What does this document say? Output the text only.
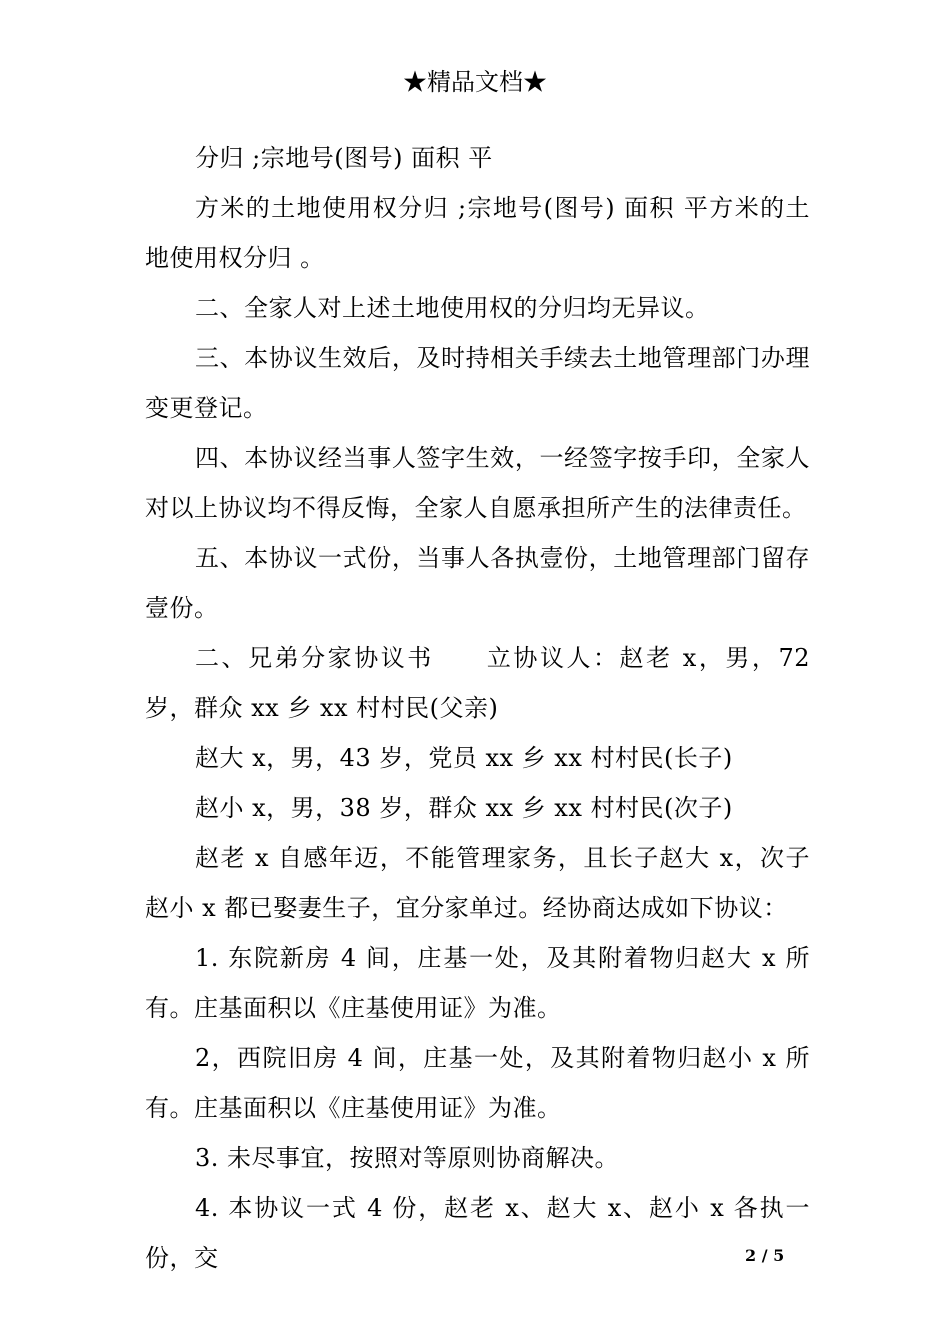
★精品文档★

分归 ;宗地号(图号) 面积 平

方米的土地使用权分归 ;宗地号(图号) 面积 平方米的土地使用权分归 。

二、全家人对上述土地使用权的分归均无异议。

三、本协议生效后，及时持相关手续去土地管理部门办理变更登记。

四、本协议经当事人签字生效，一经签字按手印，全家人对以上协议均不得反悔，全家人自愿承担所产生的法律责任。

五、本协议一式份，当事人各执壹份，土地管理部门留存壹份。

二、兄弟分家协议书　　立协议人：赵老 x，男，72 岁，群众 xx 乡 xx 村村民(父亲)

赵大 x，男，43 岁，党员 xx 乡 xx 村村民(长子)

赵小 x，男，38 岁，群众 xx 乡 xx 村村民(次子)

赵老 x 自感年迈，不能管理家务，且长子赵大 x，次子赵小 x 都已娶妻生子，宜分家单过。经协商达成如下协议：

1. 东院新房 4 间，庄基一处，及其附着物归赵大 x 所有。庄基面积以《庄基使用证》为准。

2，西院旧房 4 间，庄基一处，及其附着物归赵小 x 所有。庄基面积以《庄基使用证》为准。

3. 未尽事宜，按照对等原则协商解决。

4. 本协议一式 4 份，赵老 x、赵大 x、赵小 x 各执一份，交	2 / 5
